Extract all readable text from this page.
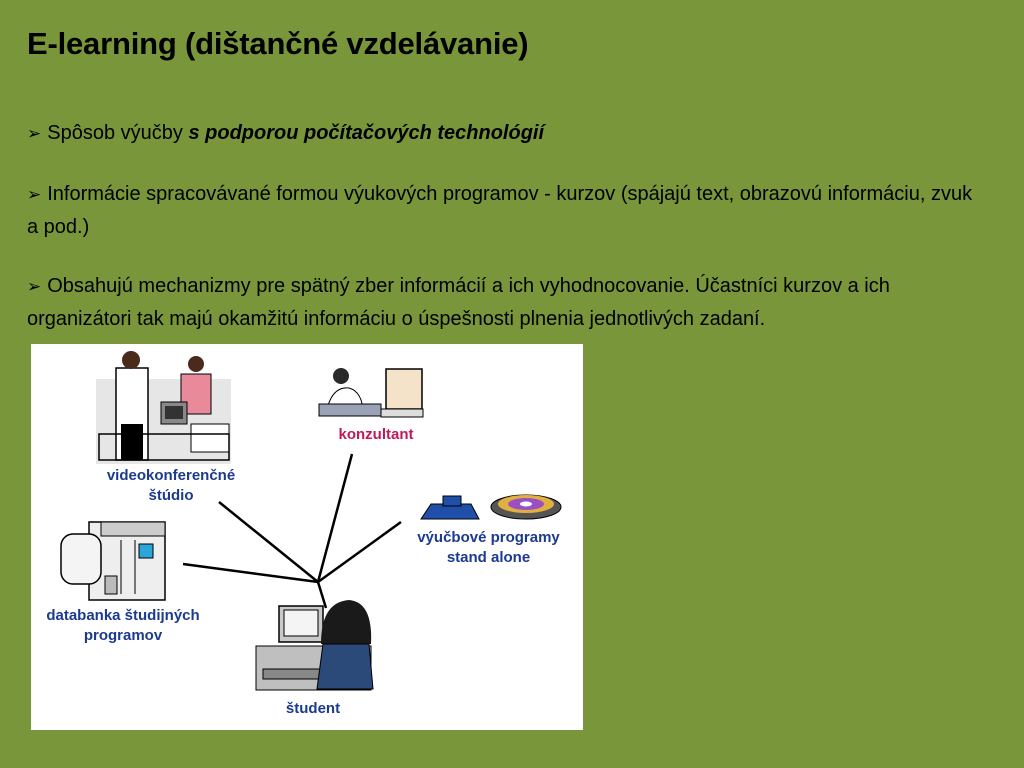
E-learning (dištančné vzdelávanie)

➢ Spôsob výučby s podporou počítačových technológií

➢ Informácie spracovávané formou výukových programov - kurzov (spájajú text, obrazovú informáciu, zvuk a pod.)

➢ Obsahujú mechanizmy pre spätný zber informácií a ich vyhodnocovanie. Účastníci kurzov a ich organizátori tak majú okamžitú informáciu o úspešnosti plnenia jednotlivých zadaní.

videokonferenčné
štúdio
konzultant
výučbové programy
stand alone
databanka študijných
programov
študent
